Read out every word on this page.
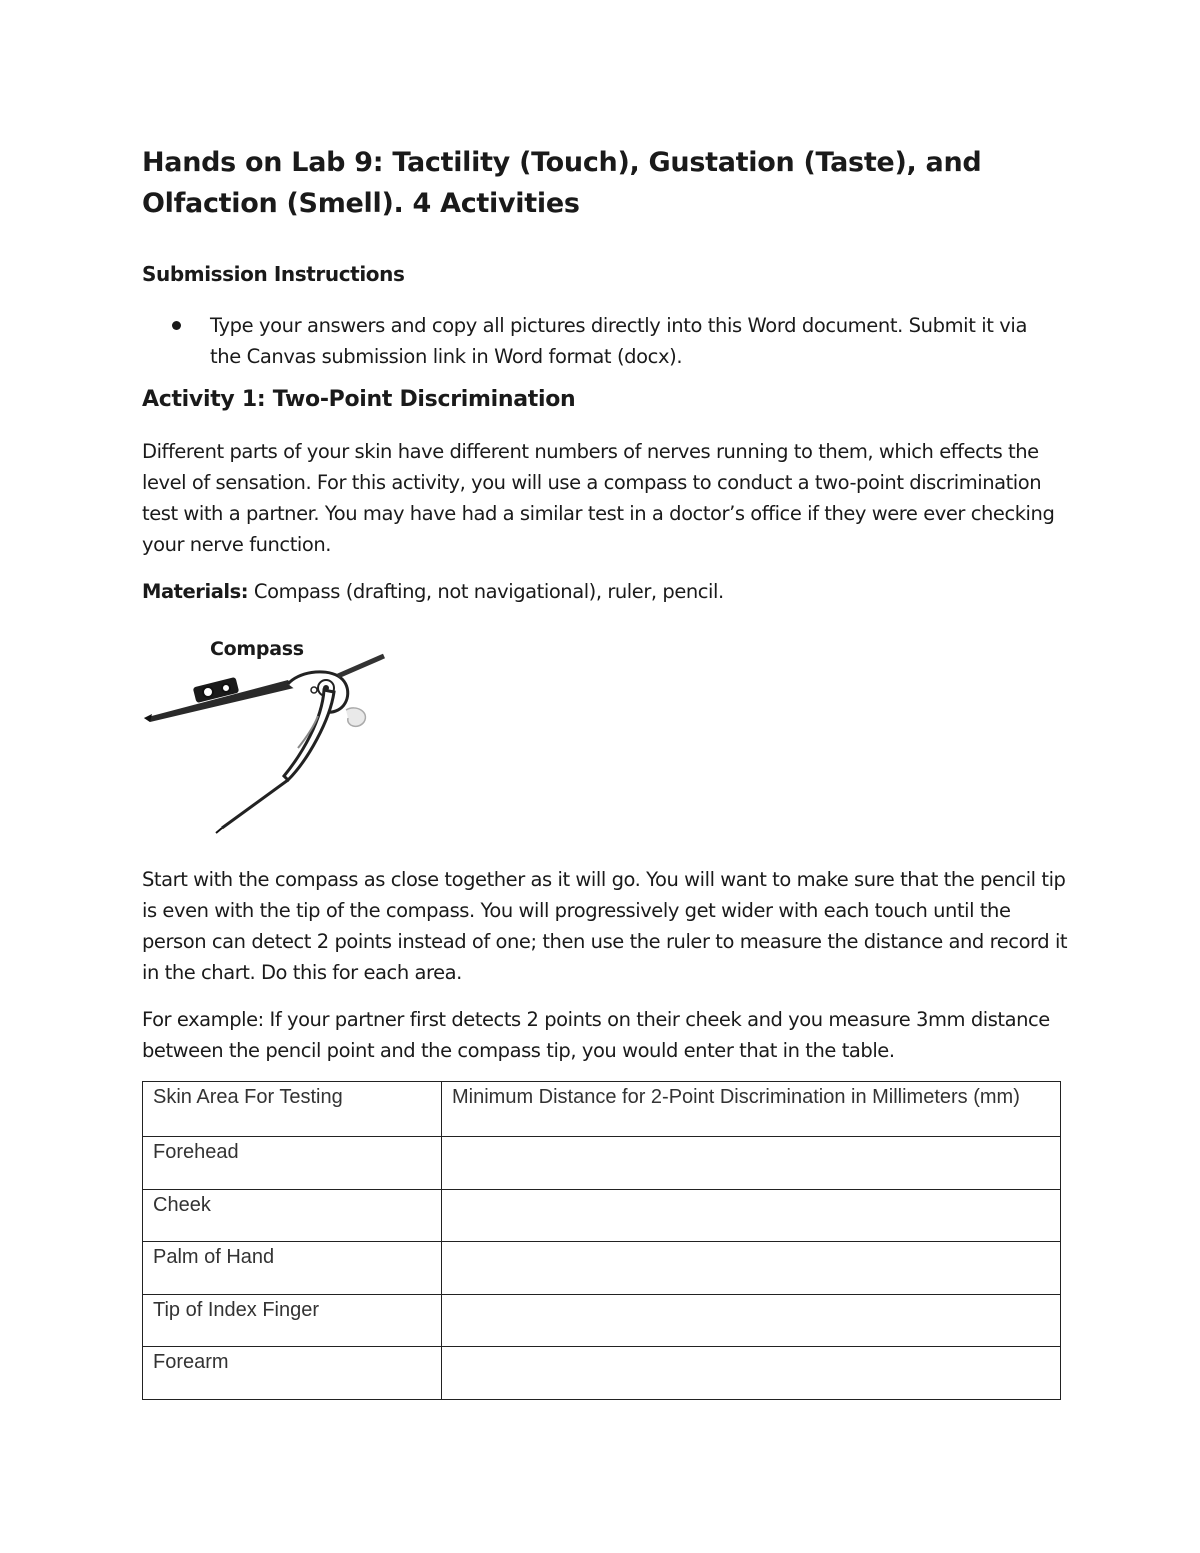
Hands on Lab 9: Tactility (Touch), Gustation (Taste), and Olfaction (Smell). 4 Activities
Submission Instructions
Type your answers and copy all pictures directly into this Word document. Submit it via the Canvas submission link in Word format (docx).
Activity 1: Two-Point Discrimination

Different parts of your skin have different numbers of nerves running to them, which effects the level of sensation. For this activity, you will use a compass to conduct a two-point discrimination test with a partner. You may have had a similar test in a doctor’s office if they were ever checking your nerve function.

Materials: Compass (drafting, not navigational), ruler, pencil.

Compass

Start with the compass as close together as it will go. You will want to make sure that the pencil tip is even with the tip of the compass. You will progressively get wider with each touch until the person can detect 2 points instead of one; then use the ruler to measure the distance and record it in the chart. Do this for each area.

For example: If your partner first detects 2 points on their cheek and you measure 3mm distance between the pencil point and the compass tip, you would enter that in the table.

Skin Area For Testing	Minimum Distance for 2-Point Discrimination in Millimeters (mm)
Forehead	
Cheek	
Palm of Hand	
Tip of Index Finger	
Forearm	
